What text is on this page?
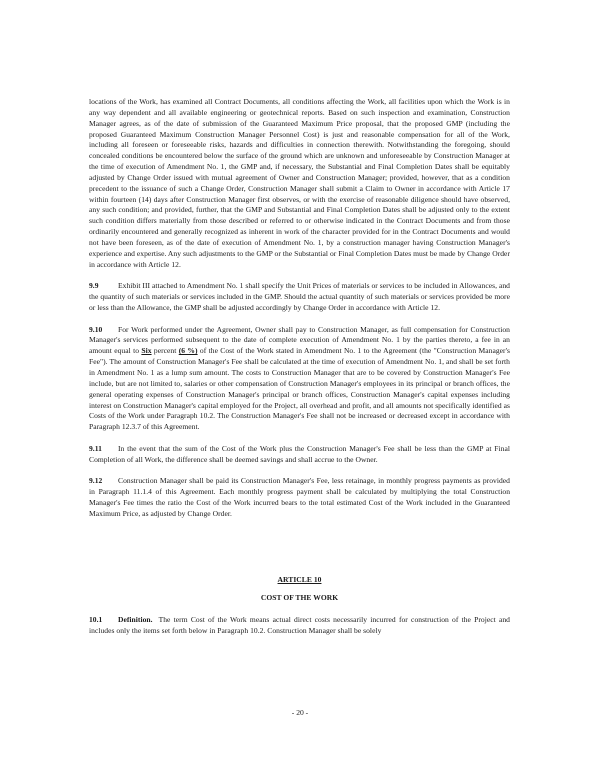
locations of the Work, has examined all Contract Documents, all conditions affecting the Work, all facilities upon which the Work is in any way dependent and all available engineering or geotechnical reports. Based on such inspection and examination, Construction Manager agrees, as of the date of submission of the Guaranteed Maximum Price proposal, that the proposed GMP (including the proposed Guaranteed Maximum Construction Manager Personnel Cost) is just and reasonable compensation for all of the Work, including all foreseen or foreseeable risks, hazards and difficulties in connection therewith. Notwithstanding the foregoing, should concealed conditions be encountered below the surface of the ground which are unknown and unforeseeable by Construction Manager at the time of execution of Amendment No. 1, the GMP and, if necessary, the Substantial and Final Completion Dates shall be equitably adjusted by Change Order issued with mutual agreement of Owner and Construction Manager; provided, however, that as a condition precedent to the issuance of such a Change Order, Construction Manager shall submit a Claim to Owner in accordance with Article 17 within fourteen (14) days after Construction Manager first observes, or with the exercise of reasonable diligence should have observed, any such condition; and provided, further, that the GMP and Substantial and Final Completion Dates shall be adjusted only to the extent such condition differs materially from those described or referred to or otherwise indicated in the Contract Documents and from those ordinarily encountered and generally recognized as inherent in work of the character provided for in the Contract Documents and would not have been foreseen, as of the date of execution of Amendment No. 1, by a construction manager having Construction Manager's experience and expertise. Any such adjustments to the GMP or the Substantial or Final Completion Dates must be made by Change Order in accordance with Article 12.

9.9	Exhibit III attached to Amendment No. 1 shall specify the Unit Prices of materials or services to be included in Allowances, and the quantity of such materials or services included in the GMP. Should the actual quantity of such materials or services provided be more or less than the Allowance, the GMP shall be adjusted accordingly by Change Order in accordance with Article 12.

9.10 For Work performed under the Agreement, Owner shall pay to Construction Manager, as full compensation for Construction Manager's services performed subsequent to the date of complete execution of Amendment No. 1 by the parties thereto, a fee in an amount equal to Six percent (6 %) of the Cost of the Work stated in Amendment No. 1 to the Agreement (the "Construction Manager's Fee"). The amount of Construction Manager's Fee shall be calculated at the time of execution of Amendment No. 1, and shall be set forth in Amendment No. 1 as a lump sum amount. The costs to Construction Manager that are to be covered by Construction Manager's Fee include, but are not limited to, salaries or other compensation of Construction Manager's employees in its principal or branch offices, the general operating expenses of Construction Manager's principal or branch offices, Construction Manager's capital expenses including interest on Construction Manager's capital employed for the Project, all overhead and profit, and all amounts not specifically identified as Costs of the Work under Paragraph 10.2. The Construction Manager's Fee shall not be increased or decreased except in accordance with Paragraph 12.3.7 of this Agreement.

9.11 In the event that the sum of the Cost of the Work plus the Construction Manager's Fee shall be less than the GMP at Final Completion of all Work, the difference shall be deemed savings and shall accrue to the Owner.

9.12 Construction Manager shall be paid its Construction Manager's Fee, less retainage, in monthly progress payments as provided in Paragraph 11.1.4 of this Agreement. Each monthly progress payment shall be calculated by multiplying the total Construction Manager's Fee times the ratio the Cost of the Work incurred bears to the total estimated Cost of the Work included in the Guaranteed Maximum Price, as adjusted by Change Order.

ARTICLE 10
COST OF THE WORK

10.1 Definition. The term Cost of the Work means actual direct costs necessarily incurred for construction of the Project and includes only the items set forth below in Paragraph 10.2. Construction Manager shall be solely

- 20 -
